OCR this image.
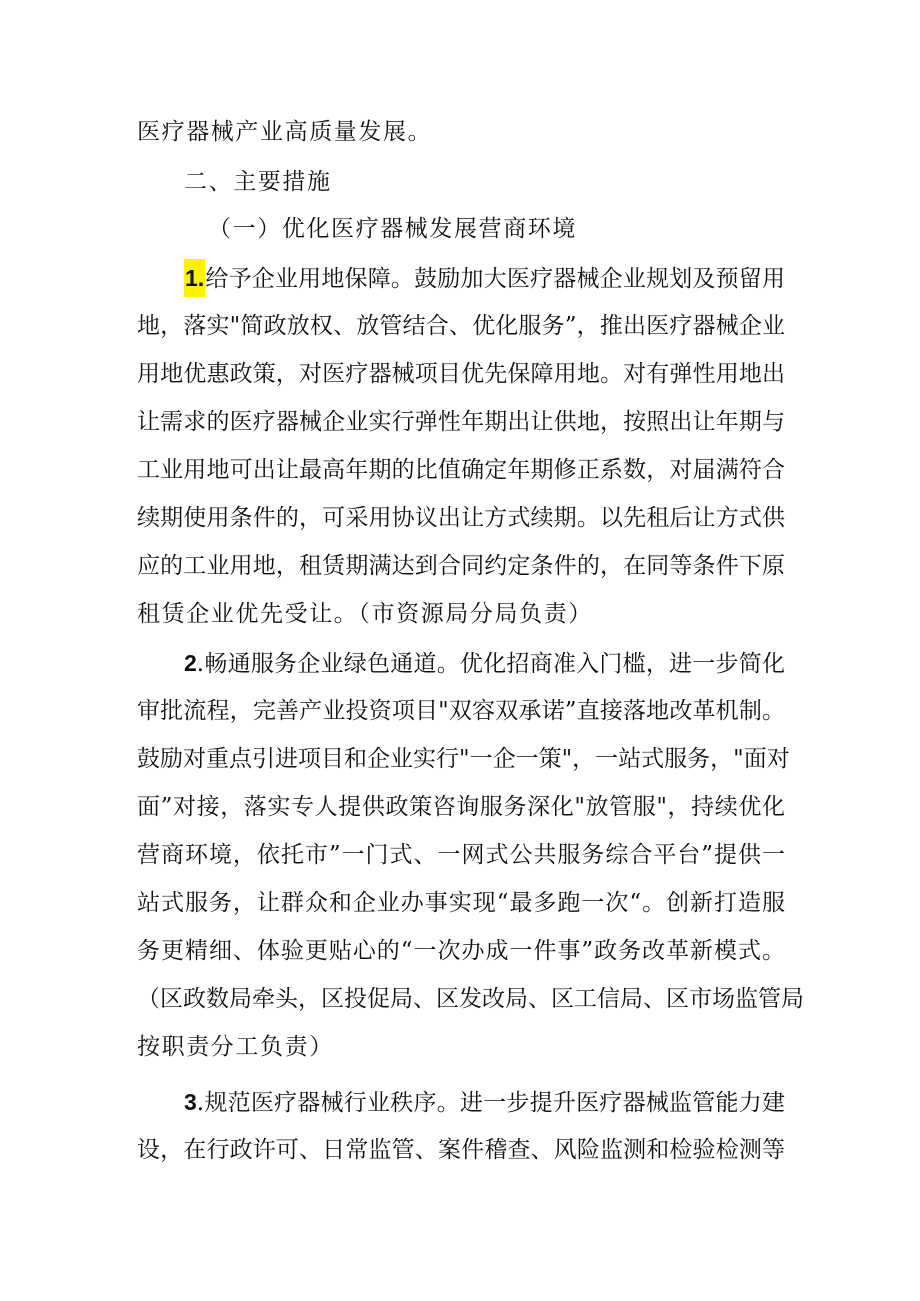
医疗器械产业高质量发展。
二、主要措施
（一）优化医疗器械发展营商环境
1.给予企业用地保障。鼓励加大医疗器械企业规划及预留用
地，落实"简政放权、放管结合、优化服务”，推出医疗器械企业
用地优惠政策，对医疗器械项目优先保障用地。对有弹性用地出
让需求的医疗器械企业实行弹性年期出让供地，按照出让年期与
工业用地可出让最高年期的比值确定年期修正系数，对届满符合
续期使用条件的，可采用协议出让方式续期。以先租后让方式供
应的工业用地，租赁期满达到合同约定条件的，在同等条件下原
租赁企业优先受让。（市资源局分局负责）
2.畅通服务企业绿色通道。优化招商准入门槛，进一步简化
审批流程，完善产业投资项目"双容双承诺”直接落地改革机制。
鼓励对重点引进项目和企业实行"一企一策"，一站式服务，"面对
面”对接，落实专人提供政策咨询服务深化"放管服"，持续优化
营商环境，依托市”一门式、一网式公共服务综合平台”提供一
站式服务，让群众和企业办事实现“最多跑一次“。创新打造服
务更精细、体验更贴心的“一次办成一件事”政务改革新模式。
（区政数局牵头，区投促局、区发改局、区工信局、区市场监管局
按职责分工负责）
3.规范医疗器械行业秩序。进一步提升医疗器械监管能力建
设，在行政许可、日常监管、案件稽查、风险监测和检验检测等
